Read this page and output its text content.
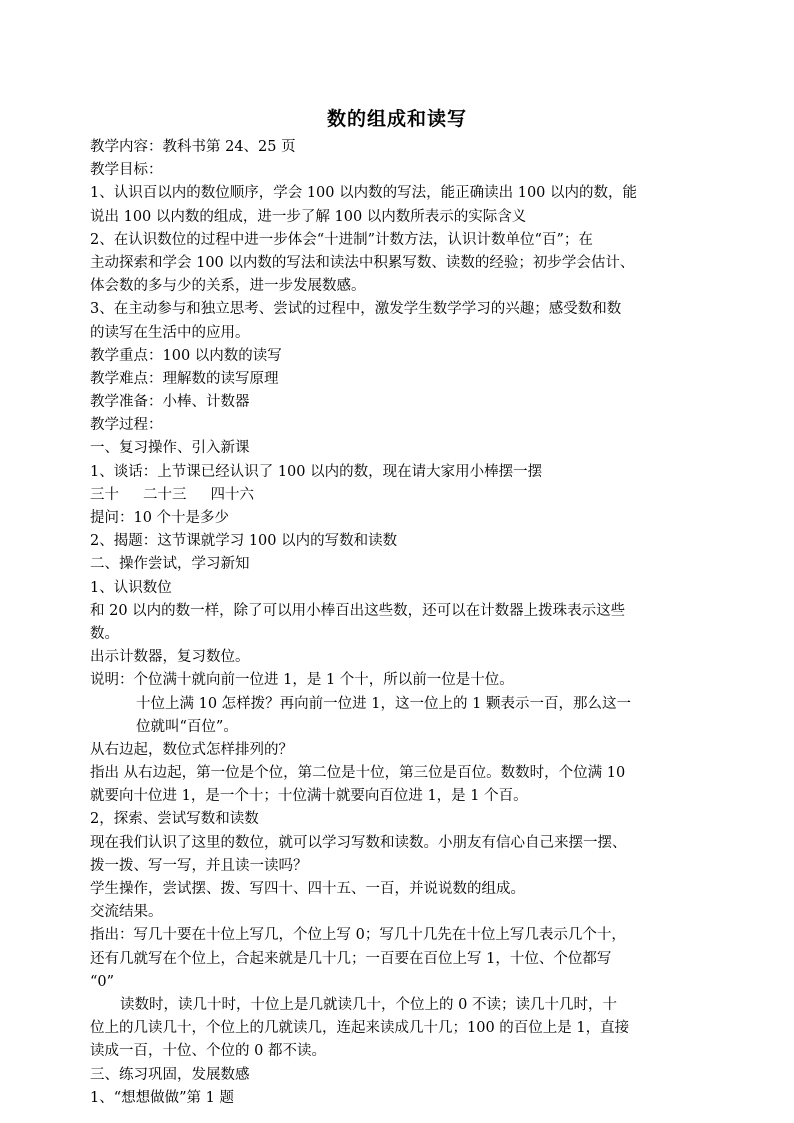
数的组成和读写
教学内容：教科书第 24、25 页
教学目标：
1、认识百以内的数位顺序，学会 100 以内数的写法，能正确读出 100 以内的数，能
说出 100 以内数的组成，进一步了解 100 以内数所表示的实际含义
2、在认识数位的过程中进一步体会“十进制”计数方法，认识计数单位“百”；在
主动探索和学会 100 以内数的写法和读法中积累写数、读数的经验；初步学会估计、
体会数的多与少的关系，进一步发展数感。
3、在主动参与和独立思考、尝试的过程中，激发学生数学学习的兴趣；感受数和数
的读写在生活中的应用。
教学重点：100 以内数的读写
教学难点：理解数的读写原理
教学准备：小棒、计数器
教学过程：
一、复习操作、引入新课
1、谈话：上节课已经认识了 100 以内的数，现在请大家用小棒摆一摆
三十 二十三 四十六
提问：10 个十是多少
2、揭题：这节课就学习 100 以内的写数和读数
二、操作尝试，学习新知
1、认识数位
和 20 以内的数一样，除了可以用小棒百出这些数，还可以在计数器上拨珠表示这些
数。
出示计数器，复习数位。
说明：个位满十就向前一位进 1，是 1 个十，所以前一位是十位。
十位上满 10 怎样拨？再向前一位进 1，这一位上的 1 颗表示一百，那么这一
位就叫“百位”。
从右边起，数位式怎样排列的？
指出 从右边起，第一位是个位，第二位是十位，第三位是百位。数数时，个位满 10
就要向十位进 1，是一个十；十位满十就要向百位进 1，是 1 个百。
2，探索、尝试写数和读数
现在我们认识了这里的数位，就可以学习写数和读数。小朋友有信心自己来摆一摆、
拨一拨、写一写，并且读一读吗？
学生操作，尝试摆、拨、写四十、四十五、一百，并说说数的组成。
交流结果。
指出：写几十要在十位上写几，个位上写 0；写几十几先在十位上写几表示几个十，
还有几就写在个位上，合起来就是几十几；一百要在百位上写 1，十位、个位都写
“0”
读数时，读几十时，十位上是几就读几十，个位上的 0 不读；读几十几时，十
位上的几读几十，个位上的几就读几，连起来读成几十几；100 的百位上是 1，直接
读成一百，十位、个位的 0 都不读。
三、练习巩固，发展数感
1、“想想做做”第 1 题
